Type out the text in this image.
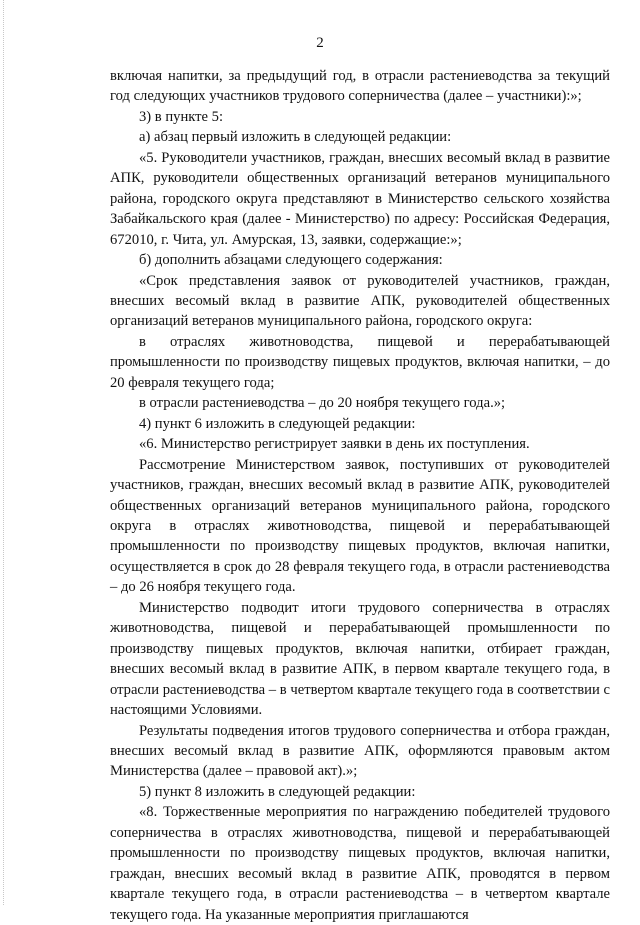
2

включая напитки, за предыдущий год, в отрасли растениеводства за текущий год следующих участников трудового соперничества (далее – участники):»;

3) в пункте 5:

а) абзац первый изложить в следующей редакции:

«5. Руководители участников, граждан, внесших весомый вклад в развитие АПК, руководители общественных организаций ветеранов муниципального района, городского округа представляют в Министерство сельского хозяйства Забайкальского края (далее - Министерство) по адресу: Российская Федерация, 672010, г. Чита, ул. Амурская, 13, заявки, содержащие:»;

б) дополнить абзацами следующего содержания:

«Срок представления заявок от руководителей участников, граждан, внесших весомый вклад в развитие АПК, руководителей общественных организаций ветеранов муниципального района, городского округа:

в отраслях животноводства, пищевой и перерабатывающей промышленности по производству пищевых продуктов, включая напитки, – до 20 февраля текущего года;

в отрасли растениеводства – до 20 ноября текущего года.»;

4) пункт 6 изложить в следующей редакции:

«6. Министерство регистрирует заявки в день их поступления.

Рассмотрение Министерством заявок, поступивших от руководителей участников, граждан, внесших весомый вклад в развитие АПК, руководителей общественных организаций ветеранов муниципального района, городского округа в отраслях животноводства, пищевой и перерабатывающей промышленности по производству пищевых продуктов, включая напитки, осуществляется в срок до 28 февраля текущего года, в отрасли растениеводства – до 26 ноября текущего года.

Министерство подводит итоги трудового соперничества в отраслях животноводства, пищевой и перерабатывающей промышленности по производству пищевых продуктов, включая напитки, отбирает граждан, внесших весомый вклад в развитие АПК, в первом квартале текущего года, в отрасли растениеводства – в четвертом квартале текущего года в соответствии с настоящими Условиями.

Результаты подведения итогов трудового соперничества и отбора граждан, внесших весомый вклад в развитие АПК, оформляются правовым актом Министерства (далее – правовой акт).»;

5) пункт 8 изложить в следующей редакции:

«8. Торжественные мероприятия по награждению победителей трудового соперничества в отраслях животноводства, пищевой и перерабатывающей промышленности по производству пищевых продуктов, включая напитки, граждан, внесших весомый вклад в развитие АПК, проводятся в первом квартале текущего года, в отрасли растениеводства – в четвертом квартале текущего года. На указанные мероприятия приглашаются
